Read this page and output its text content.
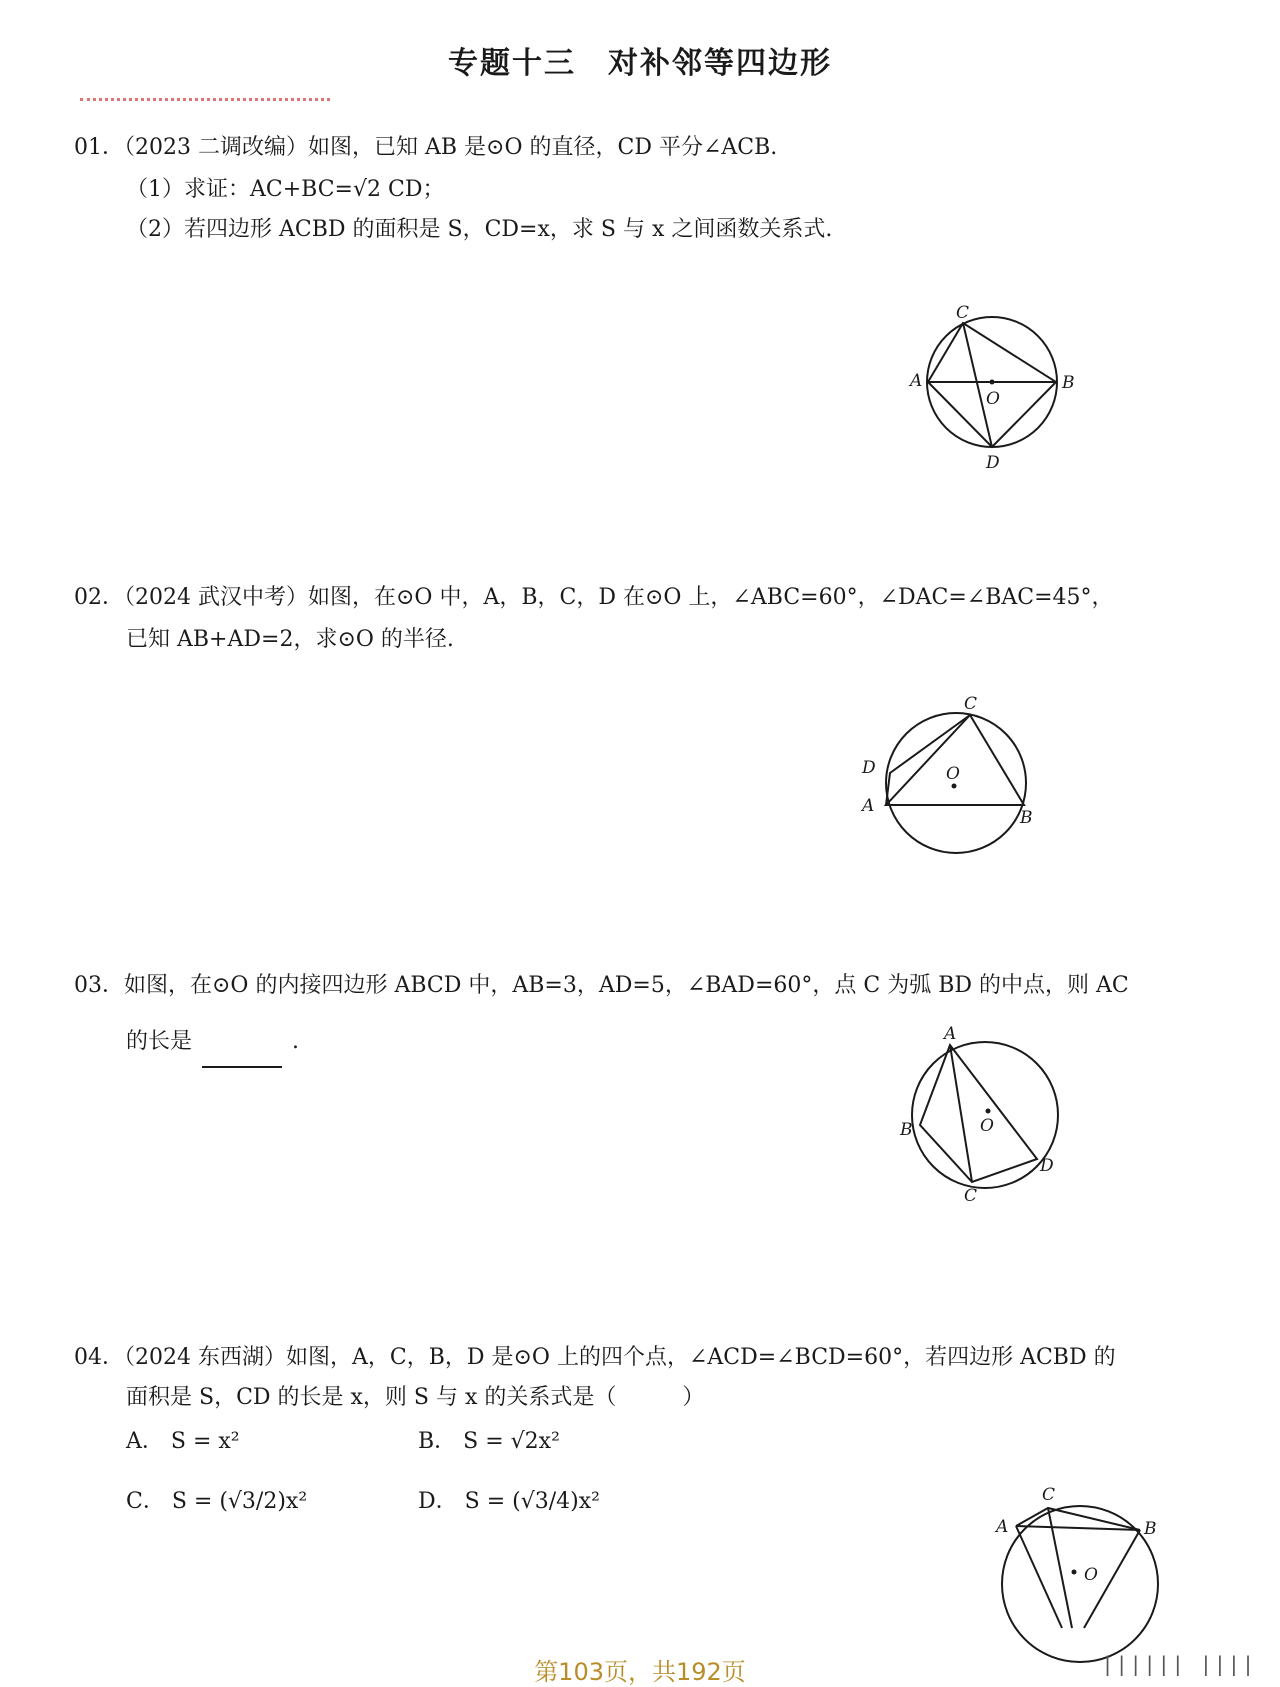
专题十三　对补邻等四边形
01．（2023 二调改编）如图，已知 AB 是⊙O 的直径，CD 平分∠ACB.
（1）求证：AC+BC=√2 CD；
（2）若四边形 ACBD 的面积是 S，CD=x，求 S 与 x 之间函数关系式.
C
A	B
O
D
02．（2024 武汉中考）如图，在⊙O 中，A，B，C，D 在⊙O 上，∠ABC=60°，∠DAC=∠BAC=45°，
已知 AB+AD=2，求⊙O 的半径.
C
D
A
B
O
03．如图，在⊙O 的内接四边形 ABCD 中，AB=3，AD=5，∠BAD=60°，点 C 为弧 BD 的中点，则 AC
的长是	.	A
B
C
D
O
04．（2024 东西湖）如图，A，C，B，D 是⊙O 上的四个点，∠ACD=∠BCD=60°，若四边形 ACBD 的
面积是 S，CD 的长是 x，则 S 与 x 的关系式是（　　　）
A． S = x²	B． S = √2x²
C． S = (√3/2)x²	D． S = (√3/4)x²	C
A	B
O
第103页，共192页	|||||| ||||
